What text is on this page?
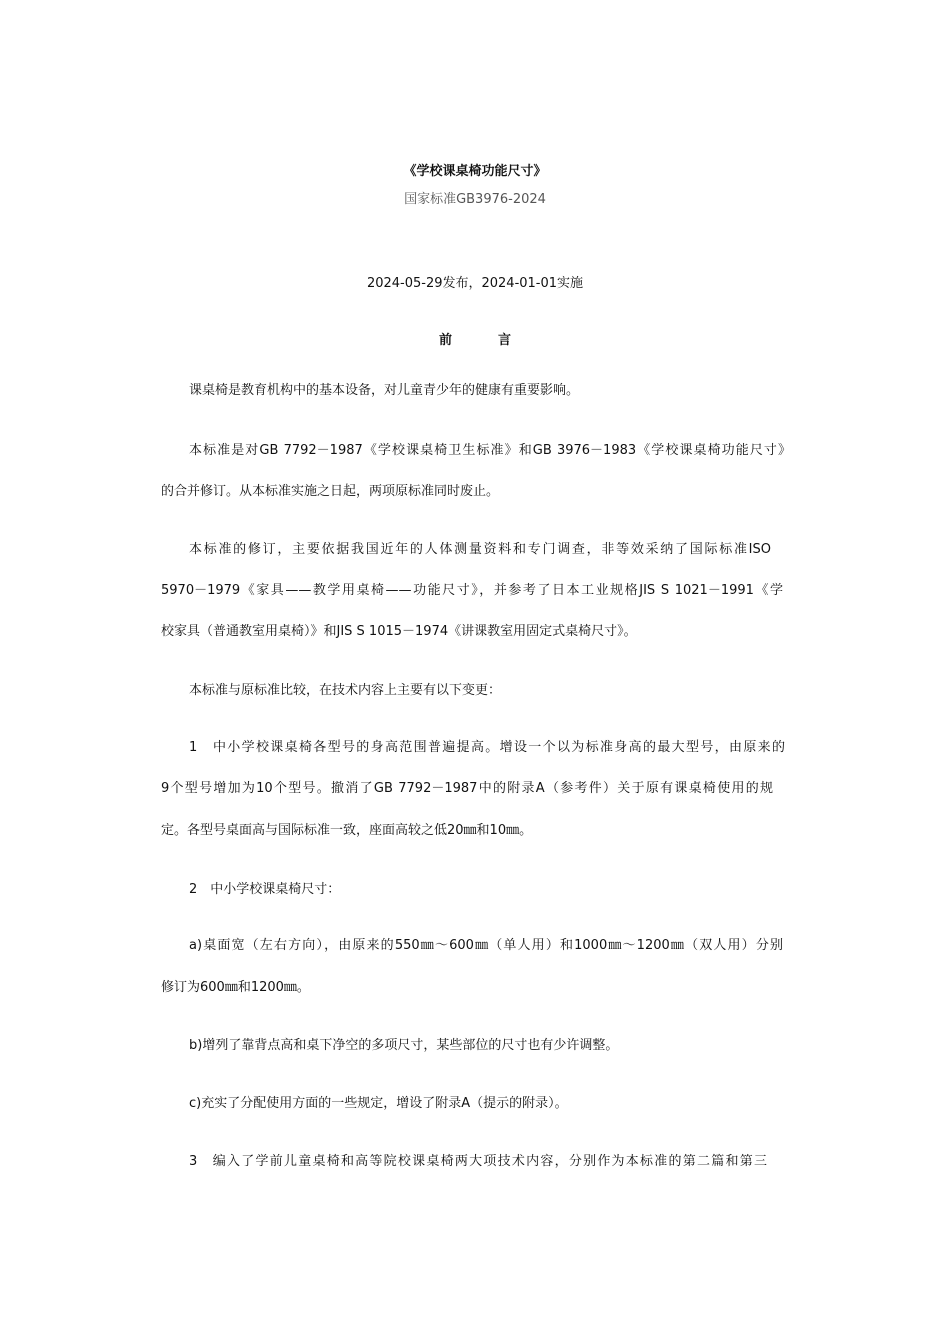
《学校课桌椅功能尺寸》
国家标准GB3976-2024
2024-05-29发布，2024-01-01实施
前	言
课桌椅是教育机构中的基本设备，对儿童青少年的健康有重要影响。
本标准是对GB 7792－1987《学校课桌椅卫生标准》和GB 3976－1983《学校课桌椅功能尺寸》
的合并修订。从本标准实施之日起，两项原标准同时废止。
本标准的修订，主要依据我国近年的人体测量资料和专门调查，非等效采纳了国际标准ISO
5970－1979《家具——教学用桌椅——功能尺寸》，并参考了日本工业规格JIS S 1021－1991《学
校家具（普通教室用桌椅）》和JIS S 1015－1974《讲课教室用固定式桌椅尺寸》。
本标准与原标准比较，在技术内容上主要有以下变更：
1　中小学校课桌椅各型号的身高范围普遍提高。增设一个以为标准身高的最大型号，由原来的
9个型号增加为10个型号。撤消了GB 7792－1987中的附录A（参考件）关于原有课桌椅使用的规
定。各型号桌面高与国际标准一致，座面高较之低20㎜和10㎜。
2　中小学校课桌椅尺寸：
a)桌面宽（左右方向），由原来的550㎜～600㎜（单人用）和1000㎜～1200㎜（双人用）分别
修订为600㎜和1200㎜。
b)增列了靠背点高和桌下净空的多项尺寸，某些部位的尺寸也有少许调整。
c)充实了分配使用方面的一些规定，增设了附录A（提示的附录）。
3　编入了学前儿童桌椅和高等院校课桌椅两大项技术内容，分别作为本标准的第二篇和第三
